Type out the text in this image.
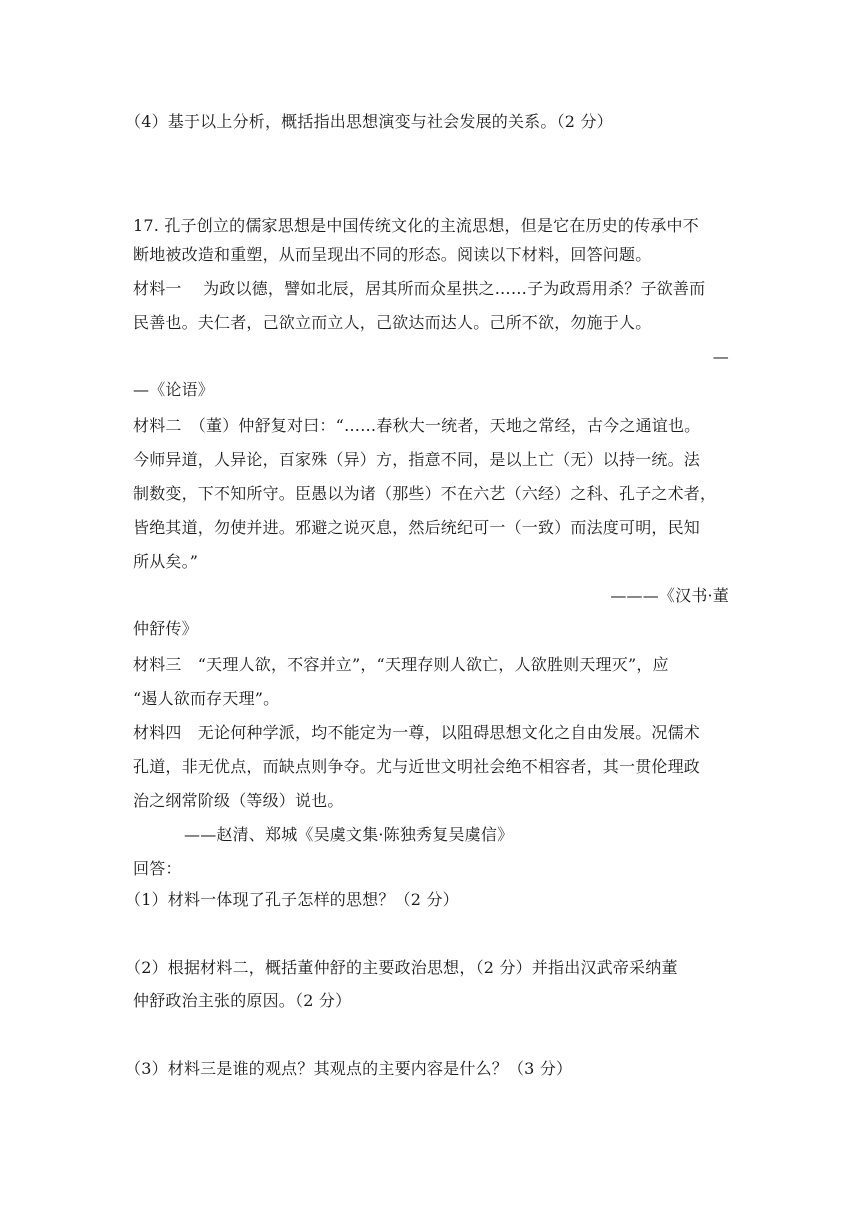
（4）基于以上分析，概括指出思想演变与社会发展的关系。（2 分）
17. 孔子创立的儒家思想是中国传统文化的主流思想，但是它在历史的传承中不
断地被改造和重塑，从而呈现出不同的形态。阅读以下材料，回答问题。
材料一　 为政以德，譬如北辰，居其所而众星拱之……子为政焉用杀？子欲善而
民善也。夫仁者，己欲立而立人，己欲达而达人。己所不欲，勿施于人。
—
—《论语》
材料二　（董）仲舒复对曰：“……春秋大一统者，天地之常经，古今之通谊也。
今师异道，人异论，百家殊（异）方，指意不同，是以上亡（无）以持一统。法
制数变，下不知所守。臣愚以为诸（那些）不在六艺（六经）之科、孔子之术者，
皆绝其道，勿使并进。邪避之说灭息，然后统纪可一（一致）而法度可明，民知
所从矣。”
———《汉书·董
仲舒传》
材料三　“天理人欲，不容并立”，“天理存则人欲亡，人欲胜则天理灭”，应
“遏人欲而存天理”。
材料四　无论何种学派，均不能定为一尊，以阻碍思想文化之自由发展。况儒术
孔道，非无优点，而缺点则争夺。尤与近世文明社会绝不相容者，其一贯伦理政
治之纲常阶级（等级）说也。
——赵清、郑城《吴虞文集·陈独秀复吴虞信》
回答：
（1）材料一体现了孔子怎样的思想？（2 分）
（2）根据材料二，概括董仲舒的主要政治思想，（2 分）并指出汉武帝采纳董
仲舒政治主张的原因。（2 分）
（3）材料三是谁的观点？其观点的主要内容是什么？（3 分）
